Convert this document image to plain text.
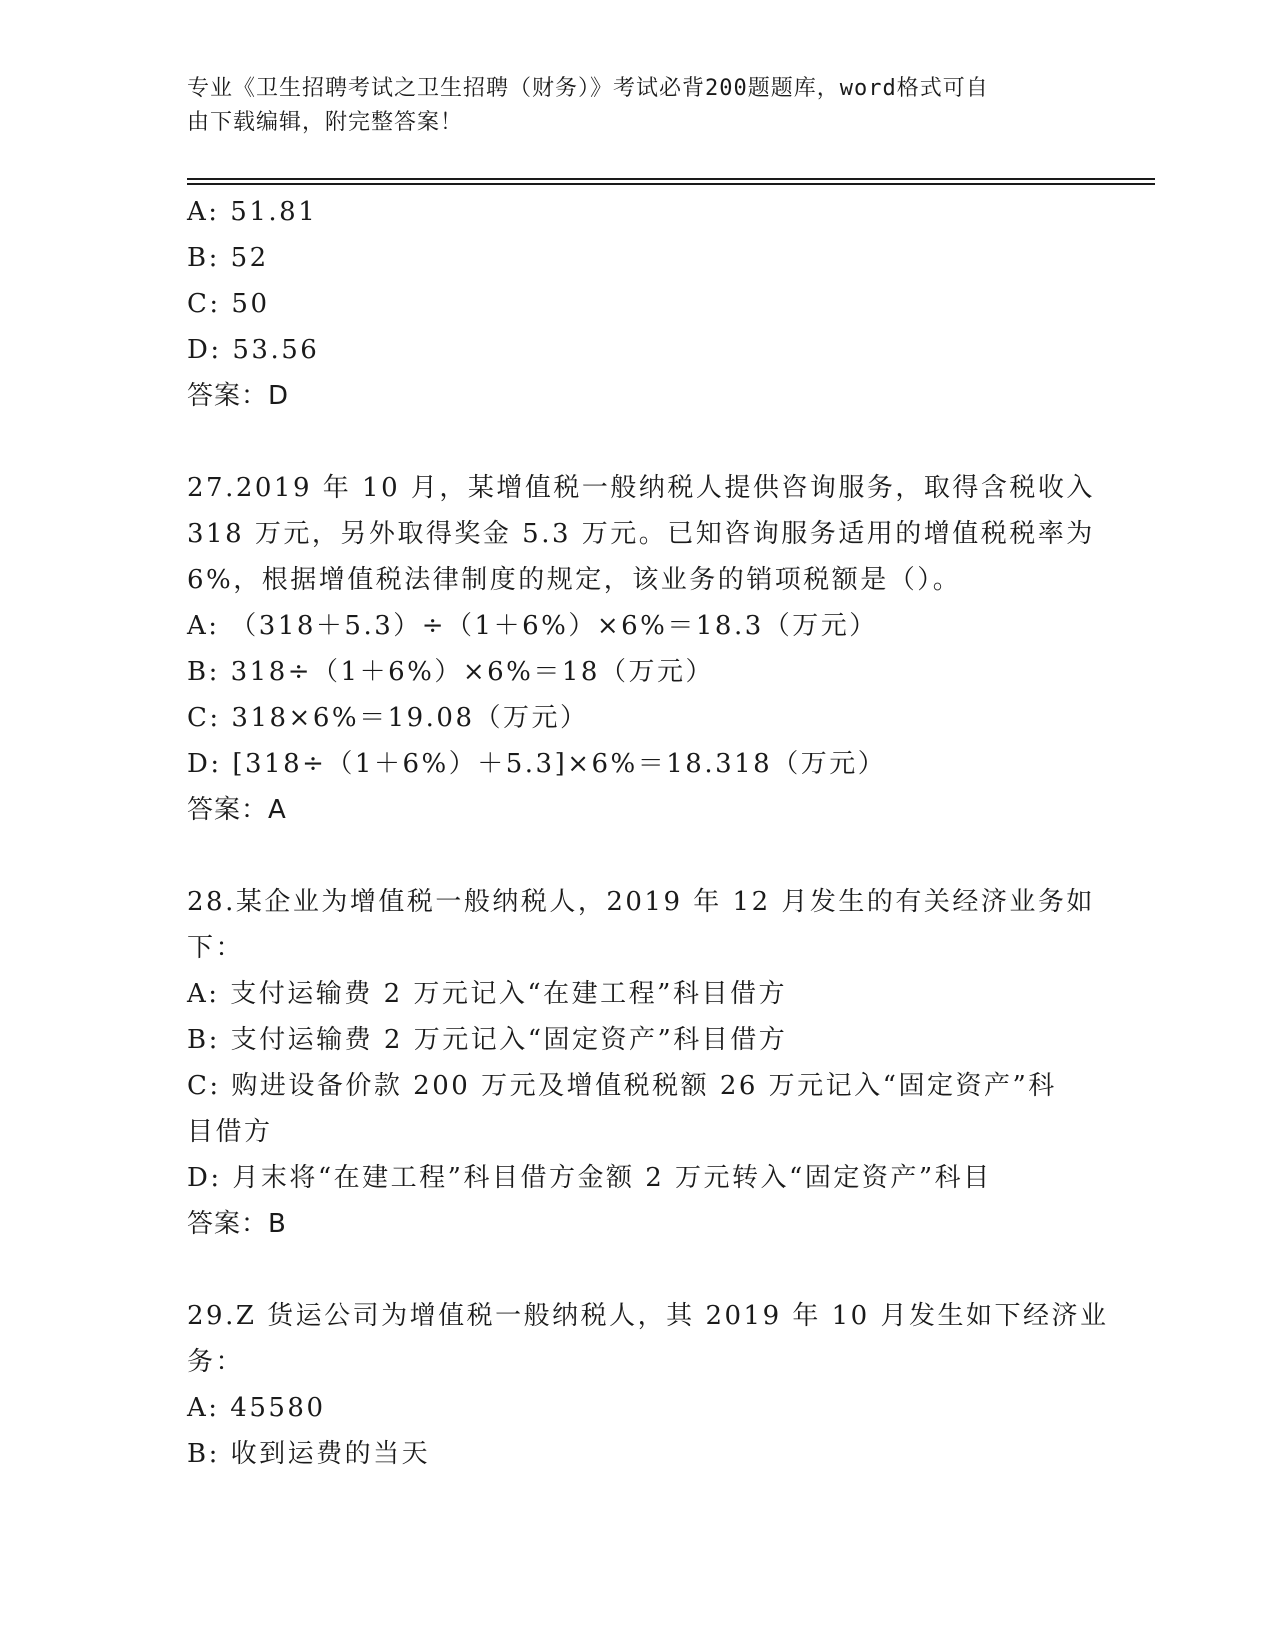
专业《卫生招聘考试之卫生招聘（财务）》考试必背200题题库，word格式可自
由下载编辑，附完整答案！
A: 51.81
B: 52
C: 50
D: 53.56
答案：D
27.2019 年 10 月，某增值税一般纳税人提供咨询服务，取得含税收入
318 万元，另外取得奖金 5.3 万元。已知咨询服务适用的增值税税率为
6%，根据增值税法律制度的规定，该业务的销项税额是（）。
A: （318＋5.3）÷（1＋6%）×6%＝18.3（万元）
B: 318÷（1＋6%）×6%＝18（万元）
C: 318×6%＝19.08（万元）
D: [318÷（1＋6%）＋5.3]×6%＝18.318（万元）
答案：A
28.某企业为增值税一般纳税人，2019 年 12 月发生的有关经济业务如
下：
A: 支付运输费 2 万元记入“在建工程”科目借方
B: 支付运输费 2 万元记入“固定资产”科目借方
C: 购进设备价款 200 万元及增值税税额 26 万元记入“固定资产”科
目借方
D: 月末将“在建工程”科目借方金额 2 万元转入“固定资产”科目
答案：B
29.Z 货运公司为增值税一般纳税人，其 2019 年 10 月发生如下经济业
务：
A: 45580
B: 收到运费的当天
